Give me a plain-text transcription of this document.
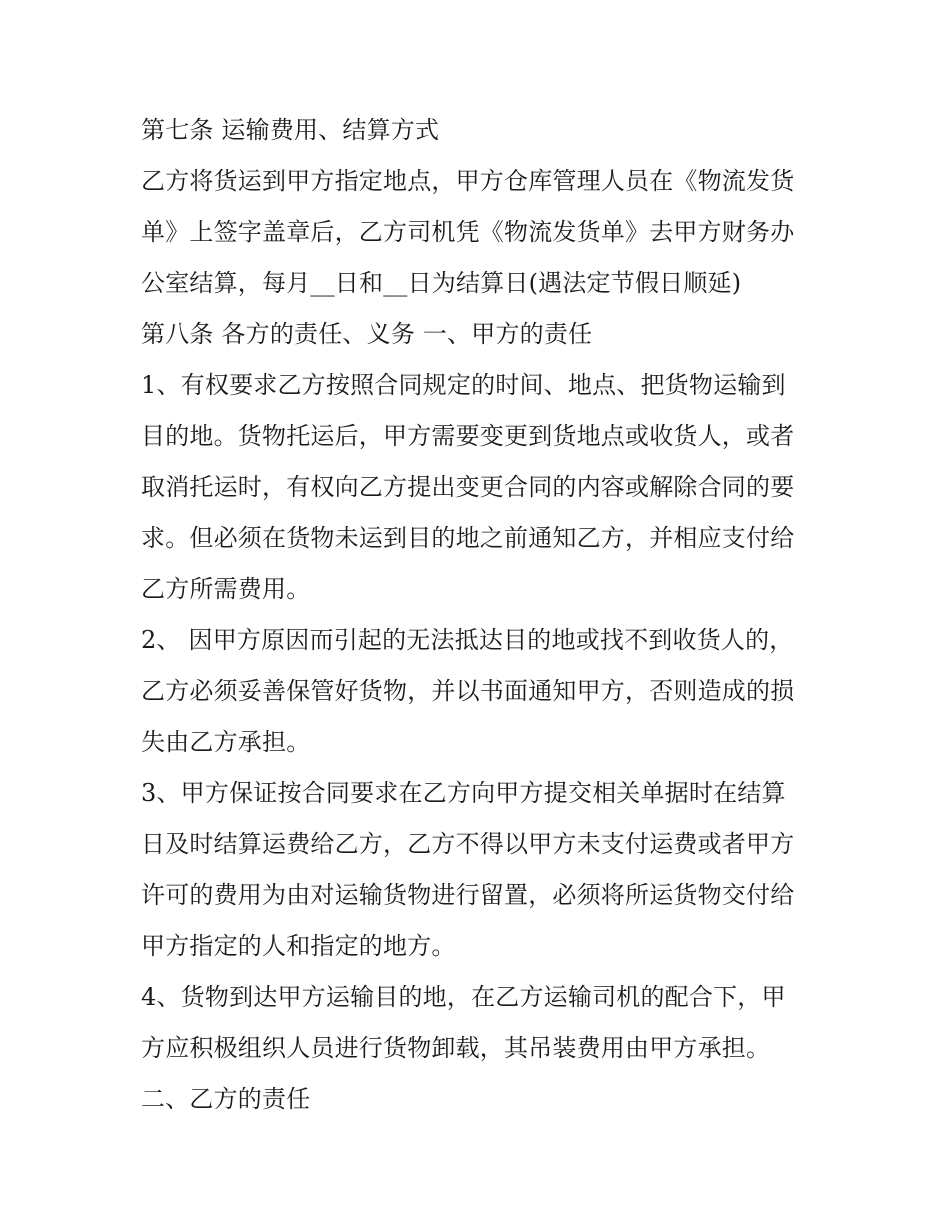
第七条 运输费用、结算方式
乙方将货运到甲方指定地点，甲方仓库管理人员在《物流发货
单》上签字盖章后，乙方司机凭《物流发货单》去甲方财务办
公室结算，每月__日和__日为结算日(遇法定节假日顺延)
第八条 各方的责任、义务 一、甲方的责任
1、有权要求乙方按照合同规定的时间、地点、把货物运输到
目的地。货物托运后，甲方需要变更到货地点或收货人，或者
取消托运时，有权向乙方提出变更合同的内容或解除合同的要
求。但必须在货物未运到目的地之前通知乙方，并相应支付给
乙方所需费用。
2、 因甲方原因而引起的无法抵达目的地或找不到收货人的，
乙方必须妥善保管好货物，并以书面通知甲方，否则造成的损
失由乙方承担。
3、甲方保证按合同要求在乙方向甲方提交相关单据时在结算
日及时结算运费给乙方，乙方不得以甲方未支付运费或者甲方
许可的费用为由对运输货物进行留置，必须将所运货物交付给
甲方指定的人和指定的地方。
4、货物到达甲方运输目的地，在乙方运输司机的配合下，甲
方应积极组织人员进行货物卸载，其吊装费用由甲方承担。
二、乙方的责任
